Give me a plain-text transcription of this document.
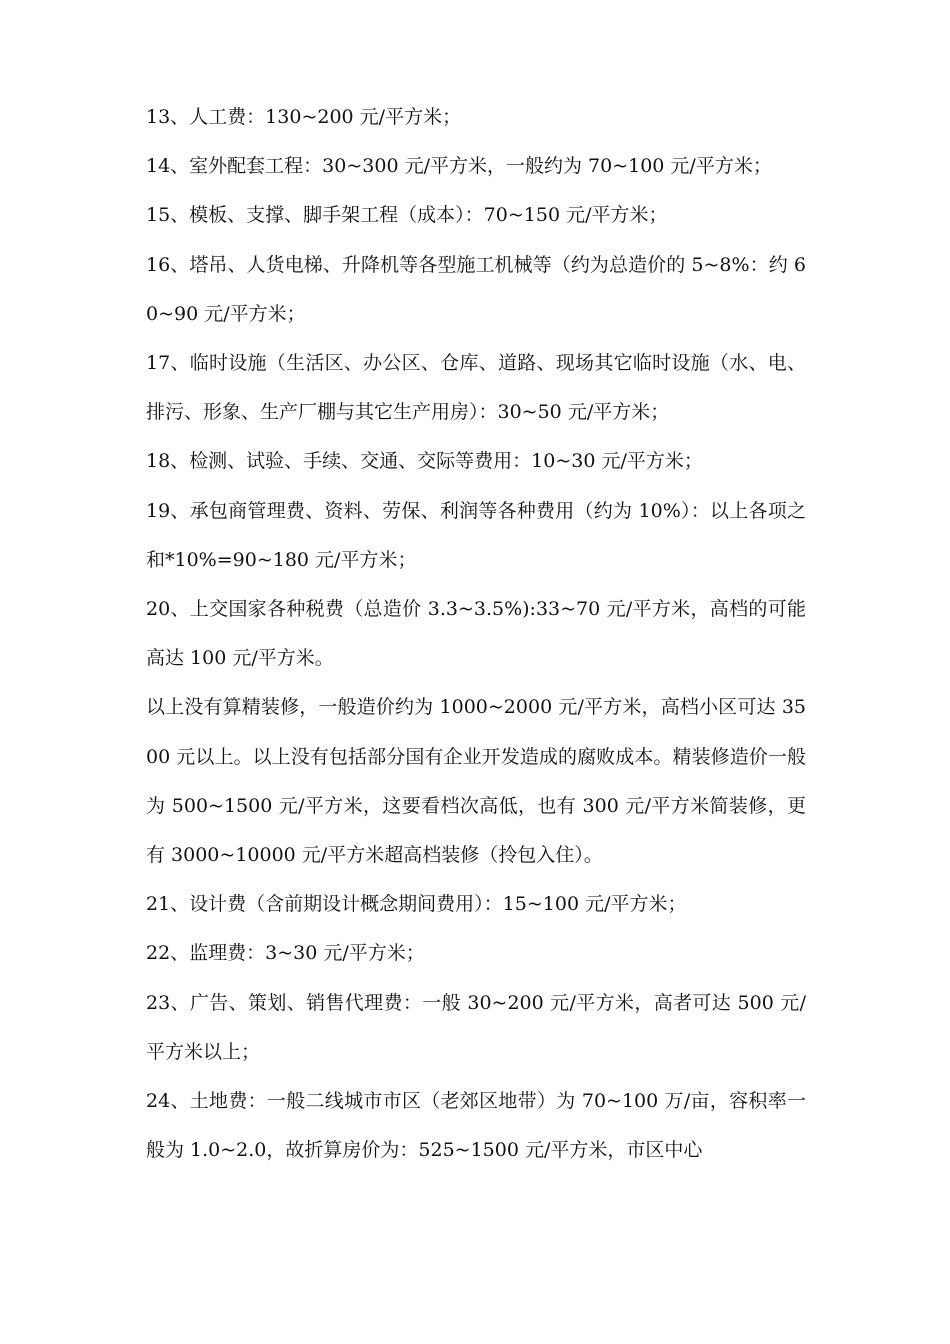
13、人工费：130~200 元/平方米；

14、室外配套工程：30~300 元/平方米，一般约为 70~100 元/平方米；

15、模板、支撑、脚手架工程（成本）：70~150 元/平方米；

16、塔吊、人货电梯、升降机等各型施工机械等（约为总造价的 5~8%：约 60~90 元/平方米；

17、临时设施（生活区、办公区、仓库、道路、现场其它临时设施（水、电、排污、形象、生产厂棚与其它生产用房）：30~50 元/平方米；

18、检测、试验、手续、交通、交际等费用：10~30 元/平方米；

19、承包商管理费、资料、劳保、利润等各种费用（约为 10%）：以上各项之和*10%=90~180 元/平方米；

20、上交国家各种税费（总造价 3.3~3.5%):33~70 元/平方米，高档的可能高达 100 元/平方米。

以上没有算精装修，一般造价约为 1000~2000 元/平方米，高档小区可达 3500 元以上。以上没有包括部分国有企业开发造成的腐败成本。精装修造价一般为 500~1500 元/平方米，这要看档次高低，也有 300 元/平方米简装修，更有 3000~10000 元/平方米超高档装修（拎包入住）。

21、设计费（含前期设计概念期间费用）：15~100 元/平方米；

22、监理费：3~30 元/平方米；

23、广告、策划、销售代理费：一般 30~200 元/平方米，高者可达 500 元/平方米以上；

24、土地费：一般二线城市市区（老郊区地带）为 70~100 万/亩，容积率一般为 1.0~2.0，故折算房价为：525~1500 元/平方米，市区中心
